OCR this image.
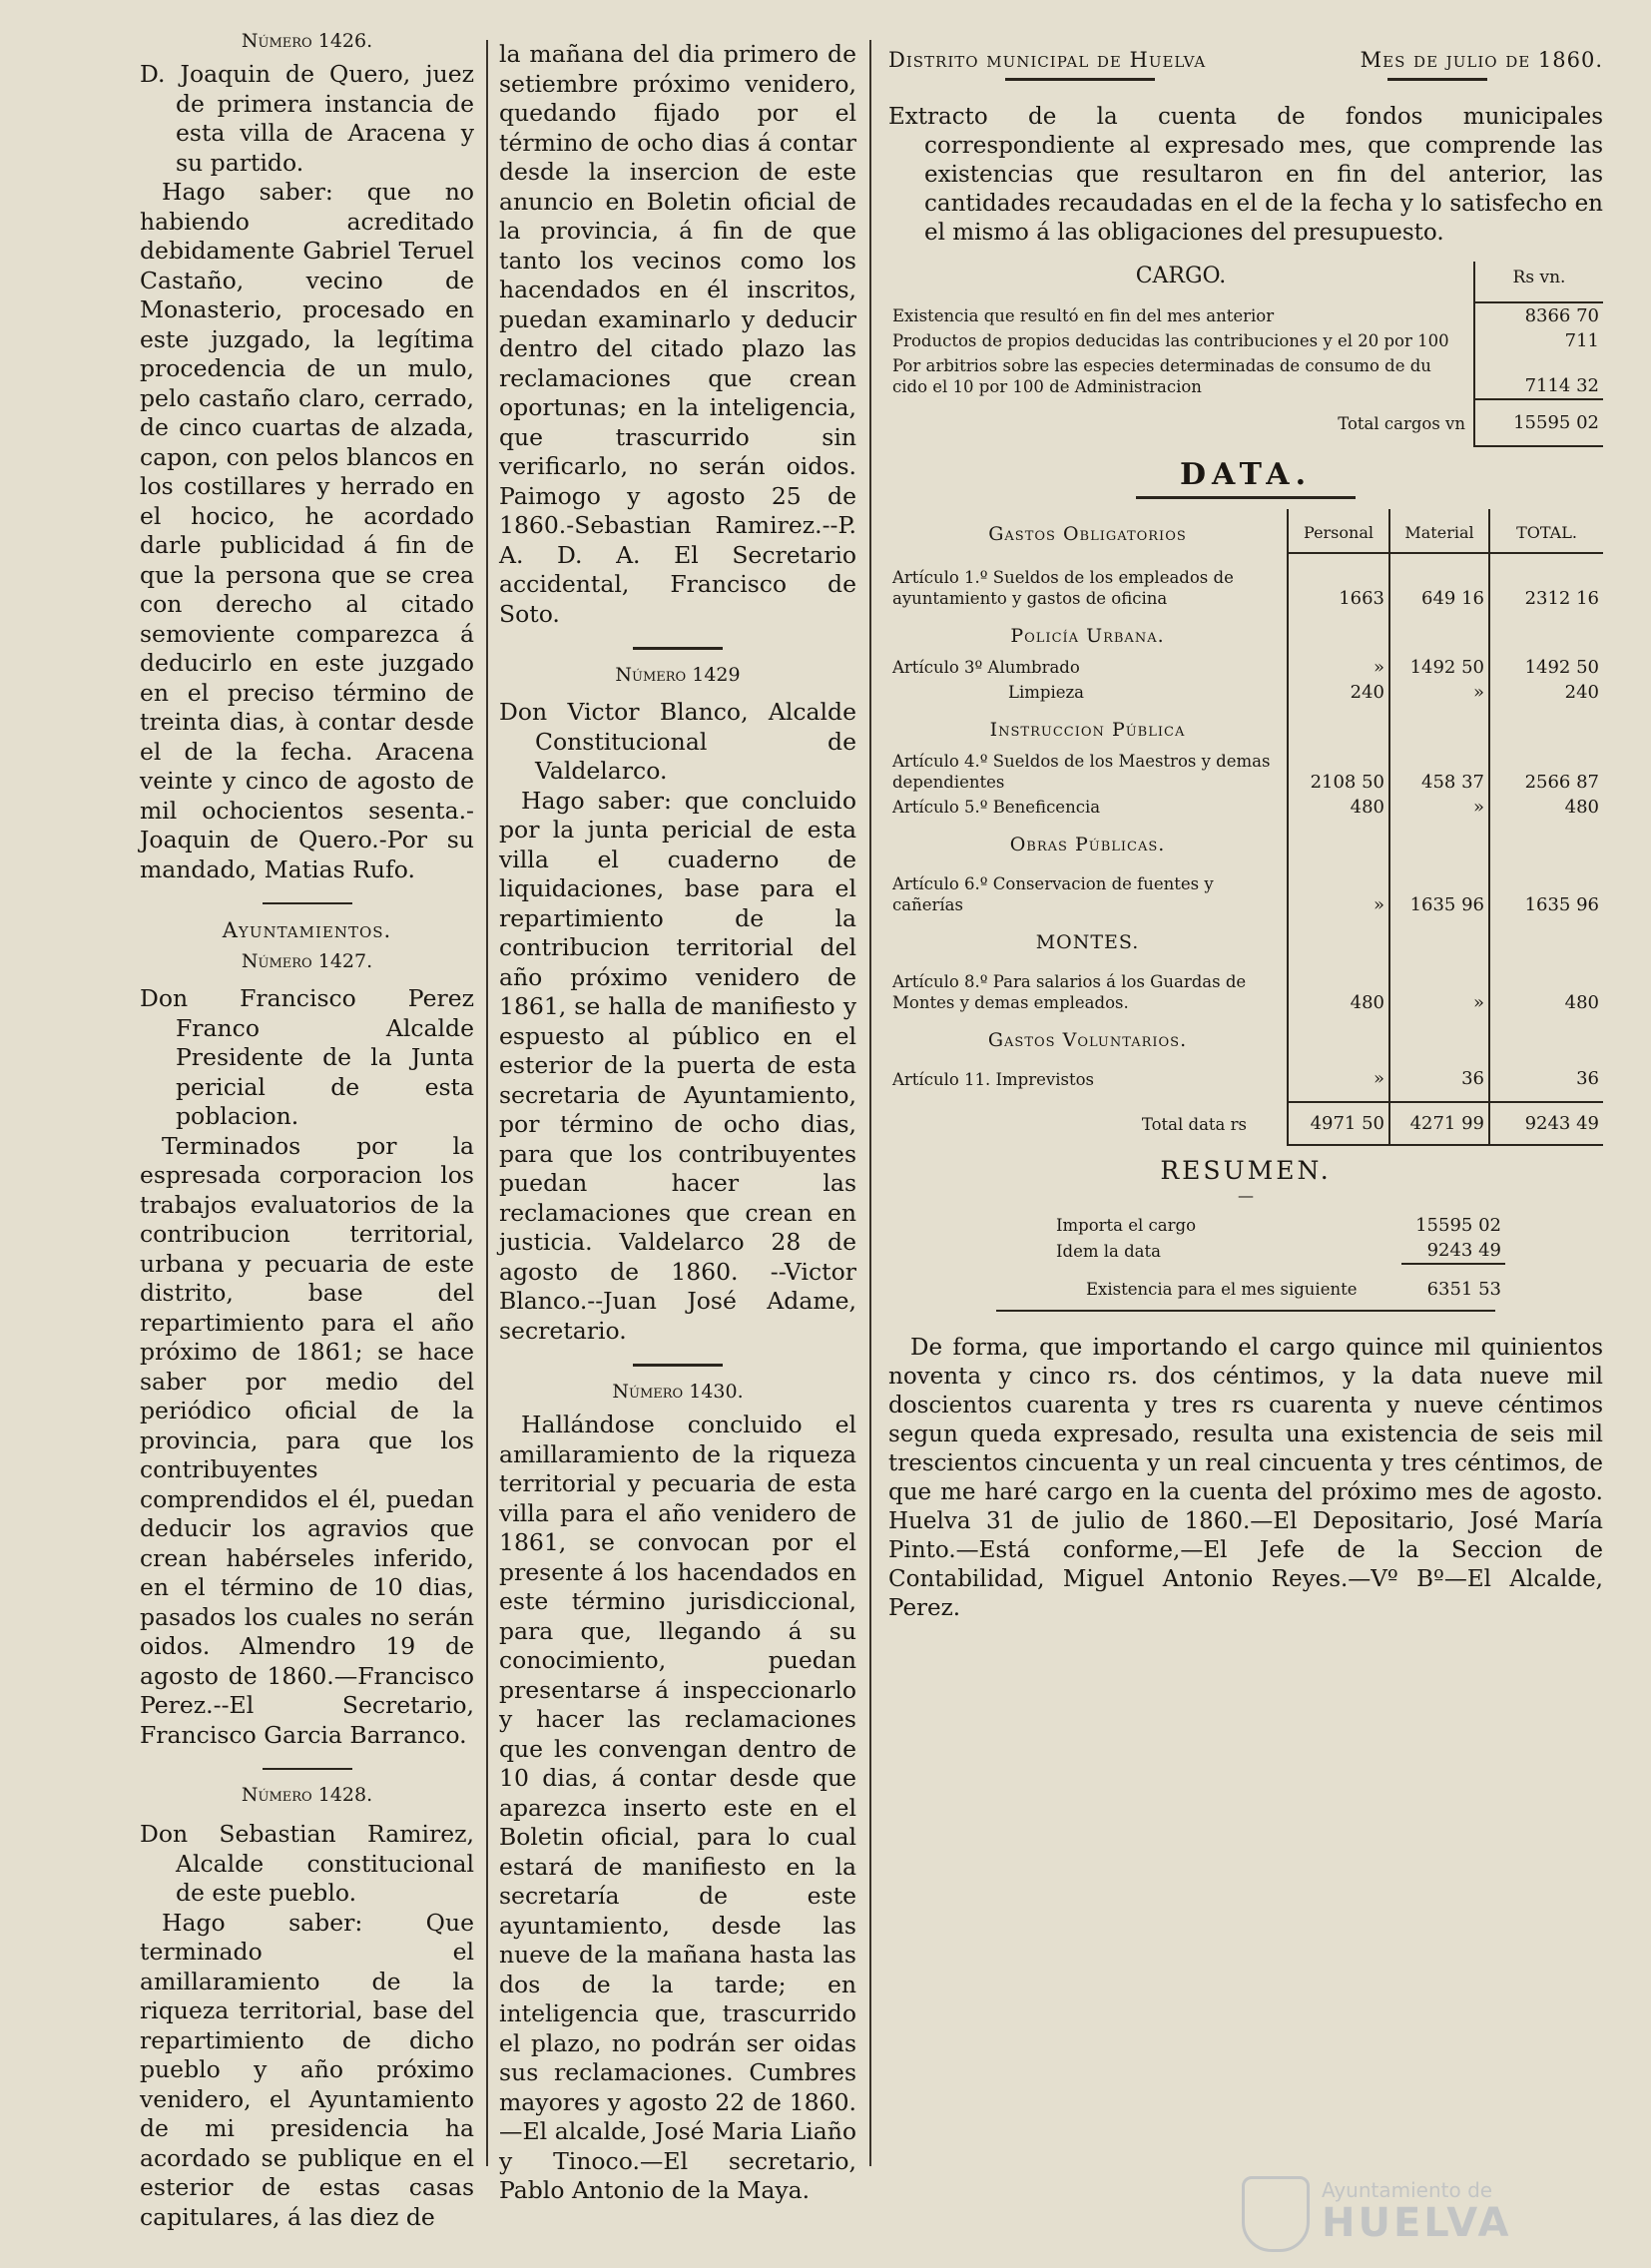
Número 1426.

D. Joaquin de Quero, juez de primera instancia de esta villa de Aracena y su partido.

Hago saber: que no habiendo acreditado debidamente Gabriel Teruel Castaño, vecino de Monasterio, procesado en este juzgado, la legítima procedencia de un mulo, pelo castaño claro, cerrado, de cinco cuartas de alzada, capon, con pelos blancos en los costillares y herrado en el hocico, he acordado darle publicidad á fin de que la persona que se crea con derecho al citado semoviente comparezca á deducirlo en este juzgado en el preciso término de treinta dias, à contar desde el de la fecha. Aracena veinte y cinco de agosto de mil ochocientos sesenta.-Joaquin de Quero.-Por su mandado, Matias Rufo.

Ayuntamientos.
Número 1427.

Don Francisco Perez Franco Alcalde Presidente de la Junta pericial de esta poblacion.

Terminados por la espresada corporacion los trabajos evaluatorios de la contribucion territorial, urbana y pecuaria de este distrito, base del repartimiento para el año próximo de 1861; se hace saber por medio del periódico oficial de la provincia, para que los contribuyentes comprendidos el él, puedan deducir los agravios que crean habérseles inferido, en el término de 10 dias, pasados los cuales no serán oidos. Almendro 19 de agosto de 1860.—Francisco Perez.--El Secretario, Francisco Garcia Barranco.

Número 1428.

Don Sebastian Ramirez, Alcalde constitucional de este pueblo.

Hago saber: Que terminado el amillaramiento de la riqueza territorial, base del repartimiento de dicho pueblo y año próximo venidero, el Ayuntamiento de mi presidencia ha acordado se publique en el esterior de estas casas capitulares, á las diez de

la mañana del dia primero de setiembre próximo venidero, quedando fijado por el término de ocho dias á contar desde la insercion de este anuncio en Boletin oficial de la provincia, á fin de que tanto los vecinos como los hacendados en él inscritos, puedan examinarlo y deducir dentro del citado plazo las reclamaciones que crean oportunas; en la inteligencia, que trascurrido sin verificarlo, no serán oidos. Paimogo y agosto 25 de 1860.-Sebastian Ramirez.--P. A. D. A. El Secretario accidental, Francisco de Soto.

Número 1429

Don Victor Blanco, Alcalde Constitucional de Valdelarco.

Hago saber: que concluido por la junta pericial de esta villa el cuaderno de liquidaciones, base para el repartimiento de la contribucion territorial del año próximo venidero de 1861, se halla de manifiesto y espuesto al público en el esterior de la puerta de esta secretaria de Ayuntamiento, por término de ocho dias, para que los contribuyentes puedan hacer las reclamaciones que crean en justicia. Valdelarco 28 de agosto de 1860. --Victor Blanco.--Juan José Adame, secretario.

Número 1430.

Hallándose concluido el amillaramiento de la riqueza territorial y pecuaria de esta villa para el año venidero de 1861, se convocan por el presente á los hacendados en este término jurisdiccional, para que, llegando á su conocimiento, puedan presentarse á inspeccionarlo y hacer las reclamaciones que les convengan dentro de 10 dias, á contar desde que aparezca inserto este en el Boletin oficial, para lo cual estará de manifiesto en la secretaría de este ayuntamiento, desde las nueve de la mañana hasta las dos de la tarde; en inteligencia que, trascurrido el plazo, no podrán ser oidas sus reclamaciones. Cumbres mayores y agosto 22 de 1860. —El alcalde, José Maria Liaño y Tinoco.—El secretario, Pablo Antonio de la Maya.

Distrito municipal de Huelva	Mes de julio de 1860.

Extracto de la cuenta de fondos municipales correspondiente al expresado mes, que comprende las existencias que resultaron en fin del anterior, las cantidades recaudadas en el de la fecha y lo satisfecho en el mismo á las obligaciones del presupuesto.

CARGO.	Rs vn.
Existencia que resultó en fin del mes anterior	8366 70
Productos de propios deducidas las contribuciones y el 20 por 100	711
Por arbitrios sobre las especies determinadas de consumo de du cido el 10 por 100 de Administracion	7114 32
Total cargos vn	15595 02
DATA.
Gastos Obligatorios	Personal	Material	TOTAL.
Artículo 1.º Sueldos de los empleados de ayuntamiento y gastos de oficina	1663	649 16	2312 16
Policía Urbana.			
Artículo 3º Alumbrado	»	1492 50	1492 50
Limpieza	240	»	240
Instruccion Pública			
Artículo 4.º Sueldos de los Maestros y demas dependientes	2108 50	458 37	2566 87
Artículo 5.º Beneficencia	480	»	480
Obras Públicas.			
Artículo 6.º Conservacion de fuentes y cañerías	»	1635 96	1635 96
MONTES.			
Artículo 8.º Para salarios á los Guardas de Montes y demas empleados.	480	»	480
Gastos Voluntarios.			
Artículo 11. Imprevistos	»	36	36
Total data rs	4971 50	4271 99	9243 49
RESUMEN.
—
Importa el cargo	15595 02
Idem la data	9243 49
Existencia para el mes siguiente	6351 53

De forma, que importando el cargo quince mil quinientos noventa y cinco rs. dos céntimos, y la data nueve mil doscientos cuarenta y tres rs cuarenta y nueve céntimos segun queda expresado, resulta una existencia de seis mil trescientos cincuenta y un real cincuenta y tres céntimos, de que me haré cargo en la cuenta del próximo mes de agosto. Huelva 31 de julio de 1860.—El Depositario, José María Pinto.—Está conforme,—El Jefe de la Seccion de Contabilidad, Miguel Antonio Reyes.—Vº Bº—El Alcalde, Perez.

Ayuntamiento de
HUELVA
